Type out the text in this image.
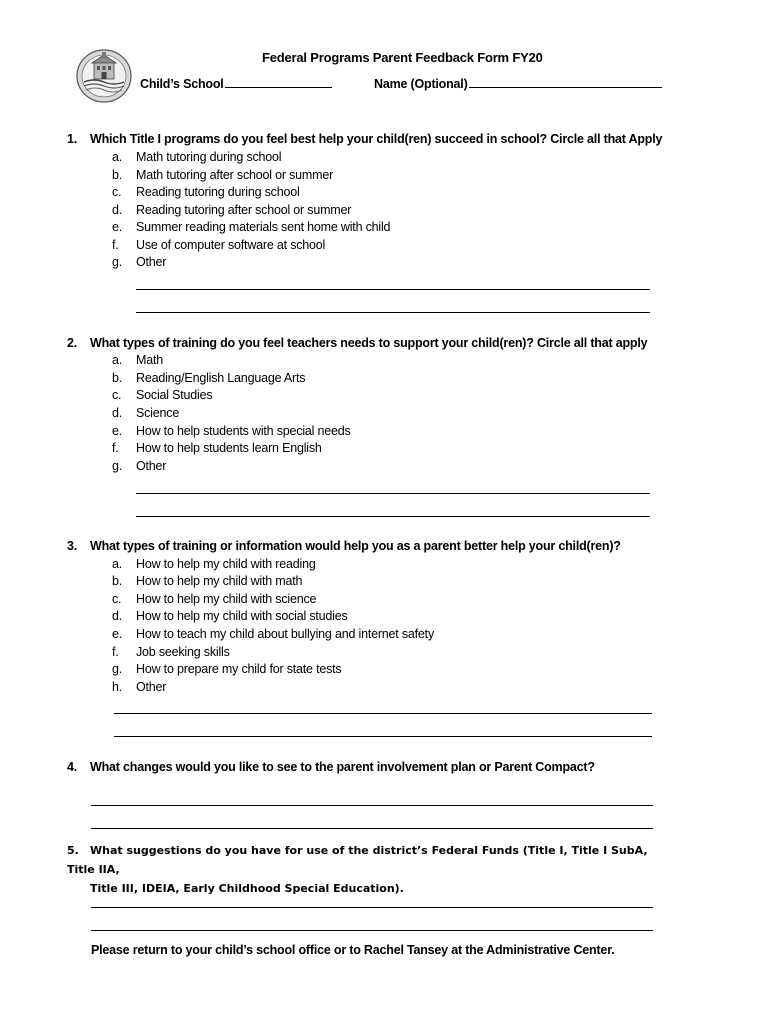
Federal Programs Parent Feedback Form FY20
Child’s School	Name (Optional)
1. Which Title I programs do you feel best help your child(ren) succeed in school? Circle all that Apply
a. Math tutoring during school
b. Math tutoring after school or summer
c. Reading tutoring during school
d. Reading tutoring after school or summer
e. Summer reading materials sent home with child
f. Use of computer software at school
g. Other
2. What types of training do you feel teachers needs to support your child(ren)? Circle all that apply
a. Math
b. Reading/English Language Arts
c. Social Studies
d. Science
e. How to help students with special needs
f. How to help students learn English
g. Other
3. What types of training or information would help you as a parent better help your child(ren)?
a. How to help my child with reading
b. How to help my child with math
c. How to help my child with science
d. How to help my child with social studies
e. How to teach my child about bullying and internet safety
f. Job seeking skills
g. How to prepare my child for state tests
h. Other
4. What changes would you like to see to the parent involvement plan or Parent Compact?
5. What suggestions do you have for use of the district’s Federal Funds (Title I, Title I SubA, Title IIA,
Title III, IDEIA, Early Childhood Special Education).
Please return to your child’s school office or to Rachel Tansey at the Administrative Center.
